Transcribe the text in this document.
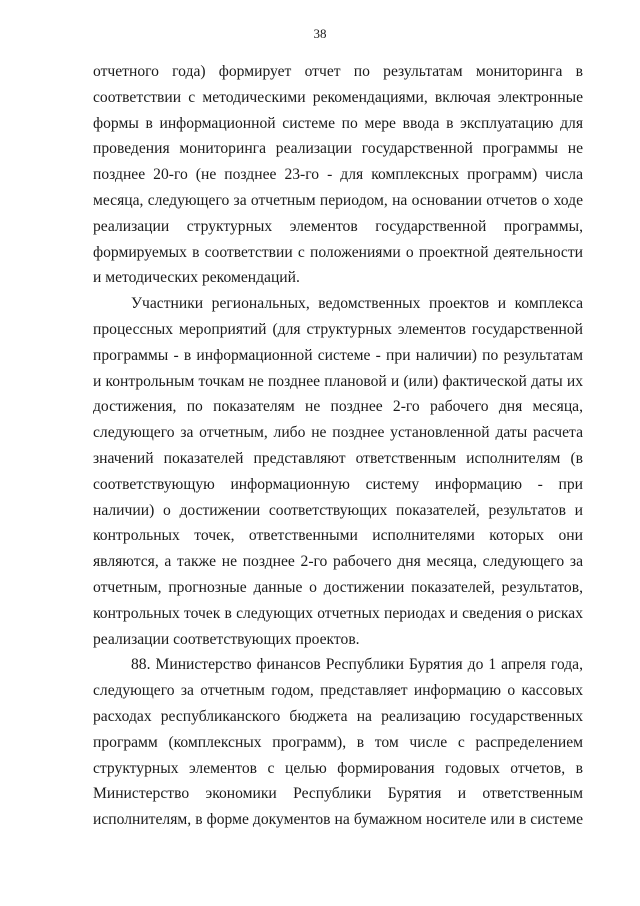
38

отчетного года) формирует отчет по результатам мониторинга в соответствии с методическими рекомендациями, включая электронные формы в информационной системе по мере ввода в эксплуатацию для проведения мониторинга реализации государственной программы не позднее 20-го (не позднее 23-го - для комплексных программ) числа месяца, следующего за отчетным периодом, на основании отчетов о ходе реализации структурных элементов государственной программы, формируемых в соответствии с положениями о проектной деятельности и методических рекомендаций.

Участники региональных, ведомственных проектов и комплекса процессных мероприятий (для структурных элементов государственной программы - в информационной системе - при наличии) по результатам и контрольным точкам не позднее плановой и (или) фактической даты их достижения, по показателям не позднее 2-го рабочего дня месяца, следующего за отчетным, либо не позднее установленной даты расчета значений показателей представляют ответственным исполнителям (в соответствующую информационную систему информацию - при наличии) о достижении соответствующих показателей, результатов и контрольных точек, ответственными исполнителями которых они являются, а также не позднее 2-го рабочего дня месяца, следующего за отчетным, прогнозные данные о достижении показателей, результатов, контрольных точек в следующих отчетных периодах и сведения о рисках реализации соответствующих проектов.

88. Министерство финансов Республики Бурятия до 1 апреля года, следующего за отчетным годом, представляет информацию о кассовых расходах республиканского бюджета на реализацию государственных программ (комплексных программ), в том числе с распределением структурных элементов с целью формирования годовых отчетов, в Министерство экономики Республики Бурятия и ответственным исполнителям, в форме документов на бумажном носителе или в системе
